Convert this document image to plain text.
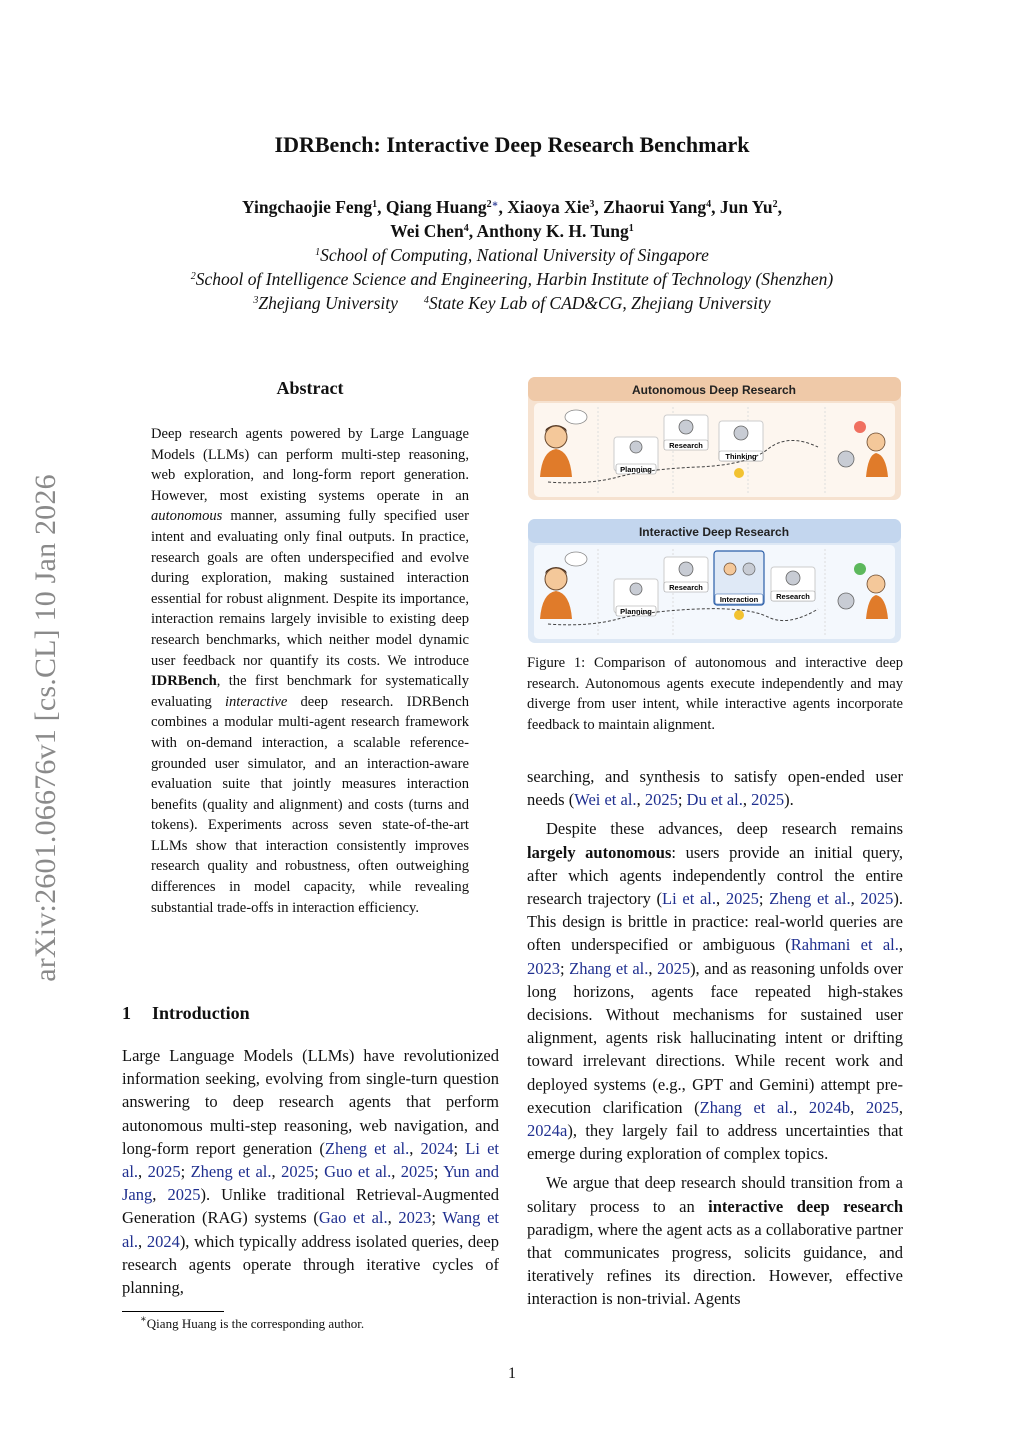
IDRBench: Interactive Deep Research Benchmark
Yingchaojie Feng$^1$, Qiang Huang$^{2∗}$, Xiaoya Xie$^3$, Zhaorui Yang$^4$, Jun Yu$^2$,
Wei Chen$^4$, Anthony K. H. Tung$^1$
$^1$School of Computing, National University of Singapore
$^2$School of Intelligence Science and Engineering, Harbin Institute of Technology (Shenzhen)
$^3$Zhejiang University	$^4$State Key Lab of CAD&CG, Zhejiang University
arXiv:2601.06676v1 [cs.CL] 10 Jan 2026
Abstract
Deep research agents powered by Large Language Models (LLMs) can perform multi-step reasoning, web exploration, and long-form report generation. However, most existing systems operate in an autonomous manner, assuming fully specified user intent and evaluating only final outputs. In practice, research goals are often underspecified and evolve during exploration, making sustained interaction essential for robust alignment. Despite its importance, interaction remains largely invisible to existing deep research benchmarks, which neither model dynamic user feedback nor quantify its costs. We introduce IDRBench, the first benchmark for systematically evaluating interactive deep research. IDRBench combines a modular multi-agent research framework with on-demand interaction, a scalable reference-grounded user simulator, and an interaction-aware evaluation suite that jointly measures interaction benefits (quality and alignment) and costs (turns and tokens). Experiments across seven state-of-the-art LLMs show that interaction consistently improves research quality and robustness, often outweighing differences in model capacity, while revealing substantial trade-offs in interaction efficiency.
1 Introduction
Large Language Models (LLMs) have revolutionized information seeking, evolving from single-turn question answering to deep research agents that perform autonomous multi-step reasoning, web navigation, and long-form report generation (Zheng et al., 2024; Li et al., 2025; Zheng et al., 2025; Guo et al., 2025; Yun and Jang, 2025). Unlike traditional Retrieval-Augmented Generation (RAG) systems (Gao et al., 2023; Wang et al., 2024), which typically address isolated queries, deep research agents operate through iterative cycles of planning,
∗Qiang Huang is the corresponding author.
Autonomous Deep Research
Planning
Research
Thinking
Interactive Deep Research
Planning
Research
Interaction Research
Figure 1: Comparison of autonomous and interactive deep research. Autonomous agents execute independently and may diverge from user intent, while interactive agents incorporate feedback to maintain alignment.

searching, and synthesis to satisfy open-ended user needs (Wei et al., 2025; Du et al., 2025).

Despite these advances, deep research remains largely autonomous: users provide an initial query, after which agents independently control the entire research trajectory (Li et al., 2025; Zheng et al., 2025). This design is brittle in practice: real-world queries are often underspecified or ambiguous (Rahmani et al., 2023; Zhang et al., 2025), and as reasoning unfolds over long horizons, agents face repeated high-stakes decisions. Without mechanisms for sustained user alignment, agents risk hallucinating intent or drifting toward irrelevant directions. While recent work and deployed systems (e.g., GPT and Gemini) attempt pre-execution clarification (Zhang et al., 2024b, 2025, 2024a), they largely fail to address uncertainties that emerge during exploration of complex topics.

We argue that deep research should transition from a solitary process to an interactive deep research paradigm, where the agent acts as a collaborative partner that communicates progress, solicits guidance, and iteratively refines its direction. However, effective interaction is non-trivial. Agents

1
